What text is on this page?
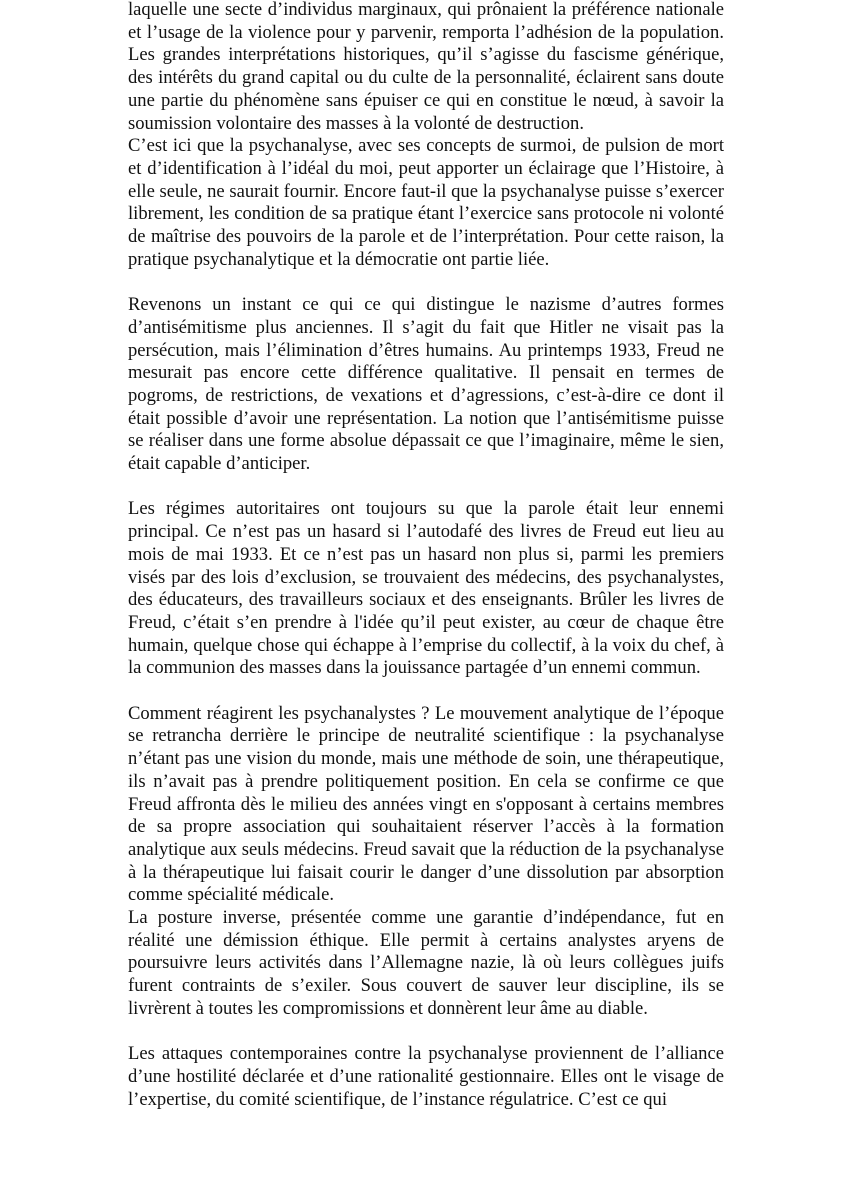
laquelle une secte d’individus marginaux, qui prônaient la préférence nationale et l’usage de la violence pour y parvenir, remporta l’adhésion de la population. Les grandes interprétations historiques, qu’il s’agisse du fascisme générique, des intérêts du grand capital ou du culte de la personnalité, éclairent sans doute une partie du phénomène sans épuiser ce qui en constitue le nœud, à savoir la soumission volontaire des masses à la volonté de destruction.

C’est ici que la psychanalyse, avec ses concepts de surmoi, de pulsion de mort et d’identification à l’idéal du moi, peut apporter un éclairage que l’Histoire, à elle seule, ne saurait fournir. Encore faut-il que la psychanalyse puisse s’exercer librement, les condition de sa pratique étant l’exercice sans protocole ni volonté de maîtrise des pouvoirs de la parole et de l’interprétation. Pour cette raison, la pratique psychanalytique et la démocratie ont partie liée.

Revenons un instant ce qui ce qui distingue le nazisme d’autres formes d’antisémitisme plus anciennes. Il s’agit du fait que Hitler ne visait pas la persécution, mais l’élimination d’êtres humains. Au printemps 1933, Freud ne mesurait pas encore cette différence qualitative. Il pensait en termes de pogroms, de restrictions, de vexations et d’agressions, c’est-à-dire ce dont il était possible d’avoir une représentation. La notion que l’antisémitisme puisse se réaliser dans une forme absolue dépassait ce que l’imaginaire, même le sien, était capable d’anticiper.

Les régimes autoritaires ont toujours su que la parole était leur ennemi principal. Ce n’est pas un hasard si l’autodafé des livres de Freud eut lieu au mois de mai 1933. Et ce n’est pas un hasard non plus si, parmi les premiers visés par des lois d’exclusion, se trouvaient des médecins, des psychanalystes, des éducateurs, des travailleurs sociaux et des enseignants. Brûler les livres de Freud, c’était s’en prendre à l'idée qu’il peut exister, au cœur de chaque être humain, quelque chose qui échappe à l’emprise du collectif, à la voix du chef, à la communion des masses dans la jouissance partagée d’un ennemi commun.

Comment réagirent les psychanalystes ? Le mouvement analytique de l’époque se retrancha derrière le principe de neutralité scientifique : la psychanalyse n’étant pas une vision du monde, mais une méthode de soin, une thérapeutique, ils n’avait pas à prendre politiquement position. En cela se confirme ce que Freud affronta dès le milieu des années vingt en s'opposant à certains membres de sa propre association qui souhaitaient réserver l’accès à la formation analytique aux seuls médecins. Freud savait que la réduction de la psychanalyse à la thérapeutique lui faisait courir le danger d’une dissolution par absorption comme spécialité médicale.

La posture inverse, présentée comme une garantie d’indépendance, fut en réalité une démission éthique. Elle permit à certains analystes aryens de poursuivre leurs activités dans l’Allemagne nazie, là où leurs collègues juifs furent contraints de s’exiler. Sous couvert de sauver leur discipline, ils se livrèrent à toutes les compromissions et donnèrent leur âme au diable.

Les attaques contemporaines contre la psychanalyse proviennent de l’alliance d’une hostilité déclarée et d’une rationalité gestionnaire. Elles ont le visage de l’expertise, du comité scientifique, de l’instance régulatrice. C’est ce qui
